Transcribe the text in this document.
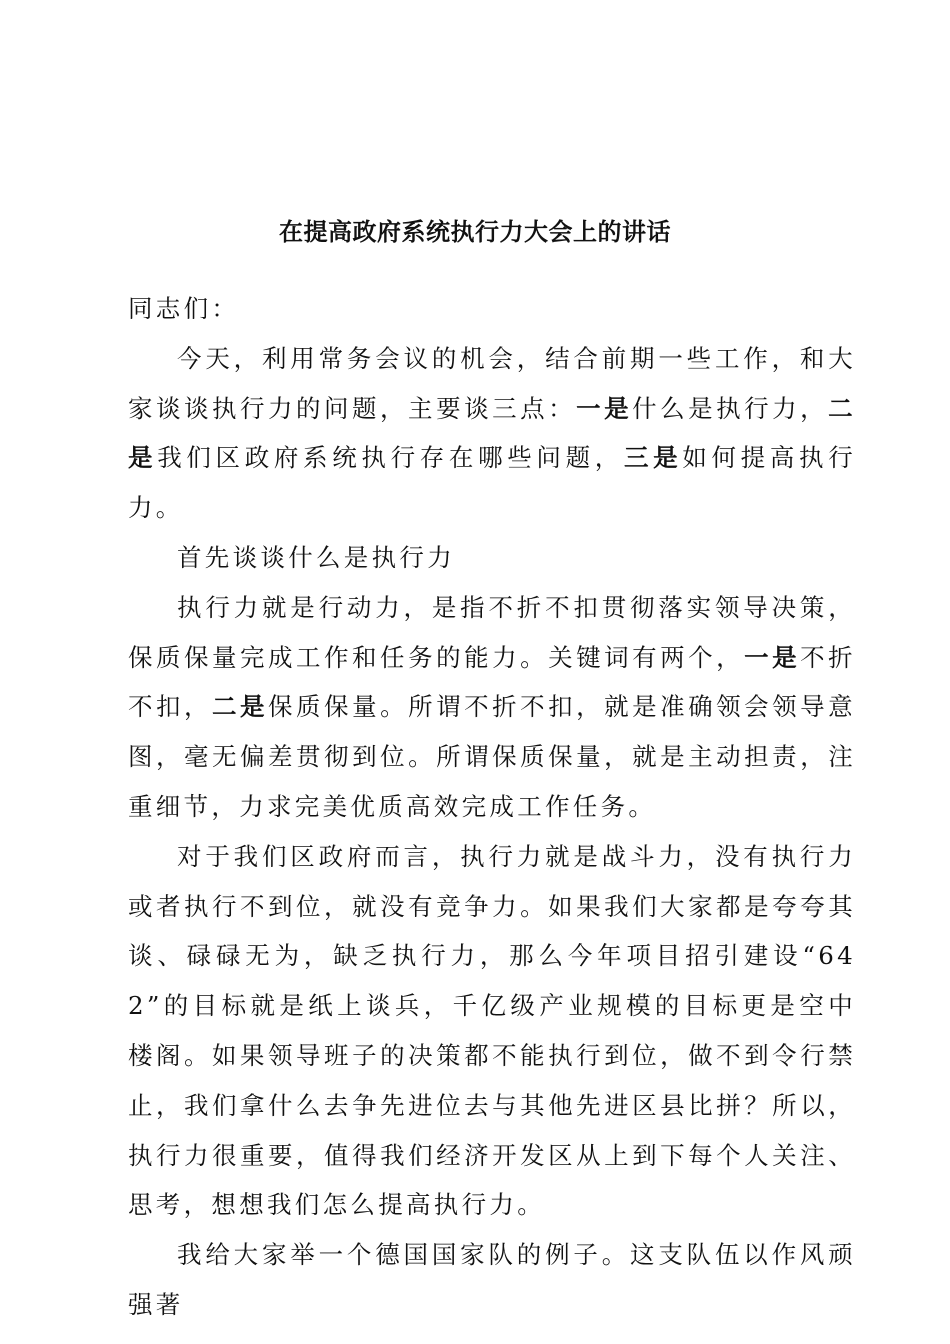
在提高政府系统执行力大会上的讲话

同志们：

今天，利用常务会议的机会，结合前期一些工作，和大家谈谈执行力的问题，主要谈三点：一是什么是执行力，二是我们区政府系统执行存在哪些问题，三是如何提高执行力。

首先谈谈什么是执行力

执行力就是行动力，是指不折不扣贯彻落实领导决策，保质保量完成工作和任务的能力。关键词有两个，一是不折不扣，二是保质保量。所谓不折不扣，就是准确领会领导意图，毫无偏差贯彻到位。所谓保质保量，就是主动担责，注重细节，力求完美优质高效完成工作任务。

对于我们区政府而言，执行力就是战斗力，没有执行力或者执行不到位，就没有竞争力。如果我们大家都是夸夸其谈、碌碌无为，缺乏执行力，那么今年项目招引建设“642”的目标就是纸上谈兵，千亿级产业规模的目标更是空中楼阁。如果领导班子的决策都不能执行到位，做不到令行禁止，我们拿什么去争先进位去与其他先进区县比拼？所以，执行力很重要，值得我们经济开发区从上到下每个人关注、思考，想想我们怎么提高执行力。

我给大家举一个德国国家队的例子。这支队伍以作风顽强著
